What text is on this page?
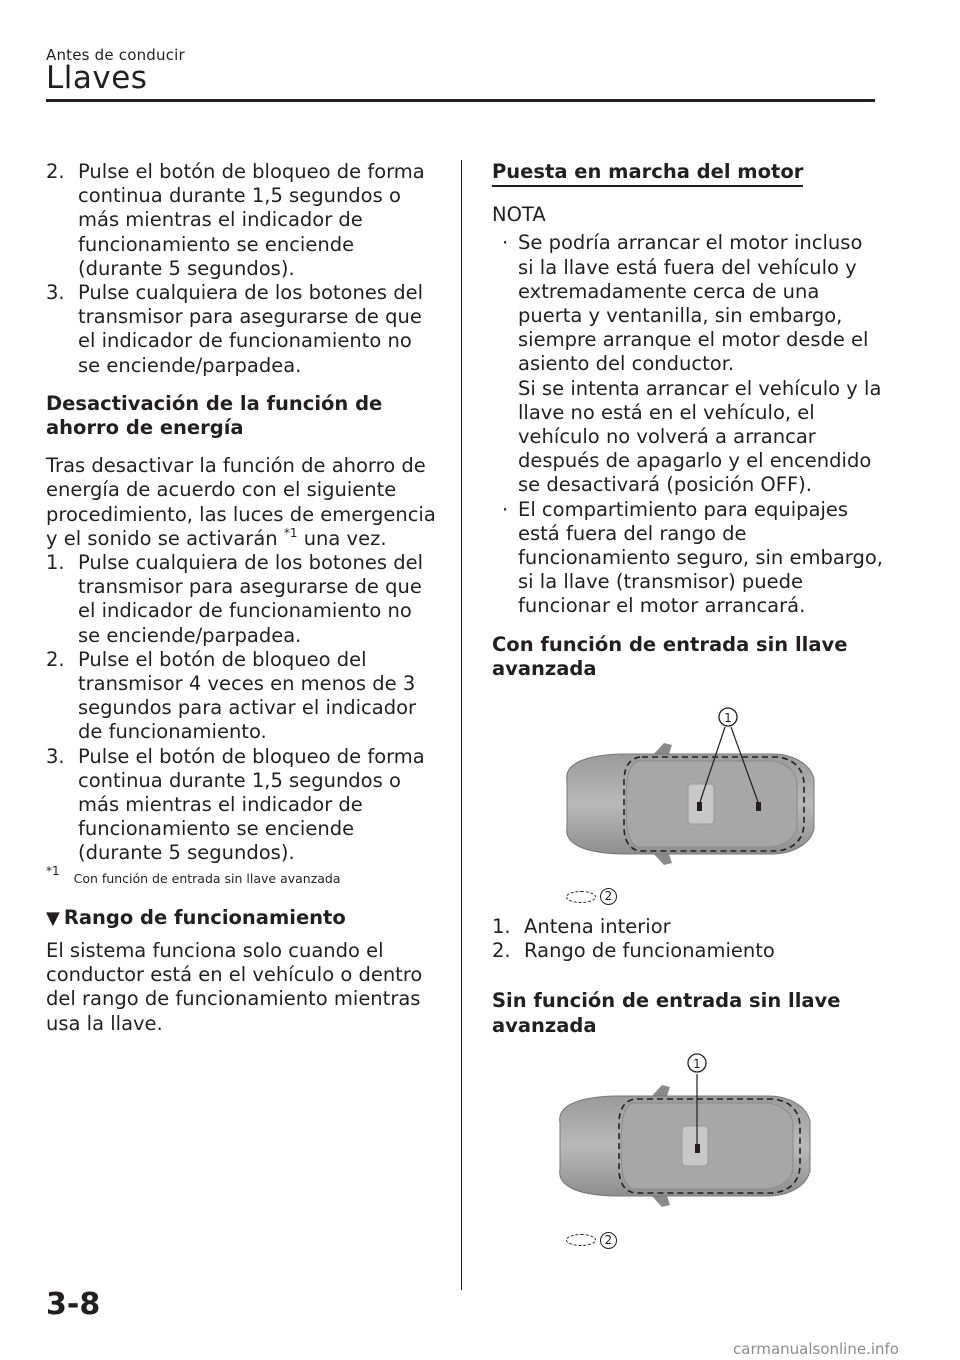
Antes de conducir
Llaves
2. Pulse el botón de bloqueo de forma continua durante 1,5 segundos o más mientras el indicador de funcionamiento se enciende (durante 5 segundos).
3. Pulse cualquiera de los botones del transmisor para asegurarse de que el indicador de funcionamiento no se enciende/parpadea.
Desactivación de la función de ahorro de energía
Tras desactivar la función de ahorro de energía de acuerdo con el siguiente procedimiento, las luces de emergencia y el sonido se activarán $^{*1}$ una vez.
1. Pulse cualquiera de los botones del transmisor para asegurarse de que el indicador de funcionamiento no se enciende/parpadea.
2. Pulse el botón de bloqueo del transmisor 4 veces en menos de 3 segundos para activar el indicador de funcionamiento.
3. Pulse el botón de bloqueo de forma continua durante 1,5 segundos o más mientras el indicador de funcionamiento se enciende (durante 5 segundos).
$^{*1}$ Con función de entrada sin llave avanzada
▼ Rango de funcionamiento
El sistema funciona solo cuando el conductor está en el vehículo o dentro del rango de funcionamiento mientras usa la llave.
Puesta en marcha del motor
NOTA
· Se podría arrancar el motor incluso si la llave está fuera del vehículo y extremadamente cerca de una puerta y ventanilla, sin embargo, siempre arranque el motor desde el asiento del conductor.
Si se intenta arrancar el vehículo y la llave no está en el vehículo, el vehículo no volverá a arrancar después de apagarlo y el encendido se desactivará (posición OFF).
· El compartimiento para equipajes está fuera del rango de funcionamiento seguro, sin embargo, si la llave (transmisor) puede funcionar el motor arrancará.
Con función de entrada sin llave avanzada
1
2
1. Antena interior
2. Rango de funcionamiento
Sin función de entrada sin llave avanzada
1
2
3-8
carmanualsonline.info
